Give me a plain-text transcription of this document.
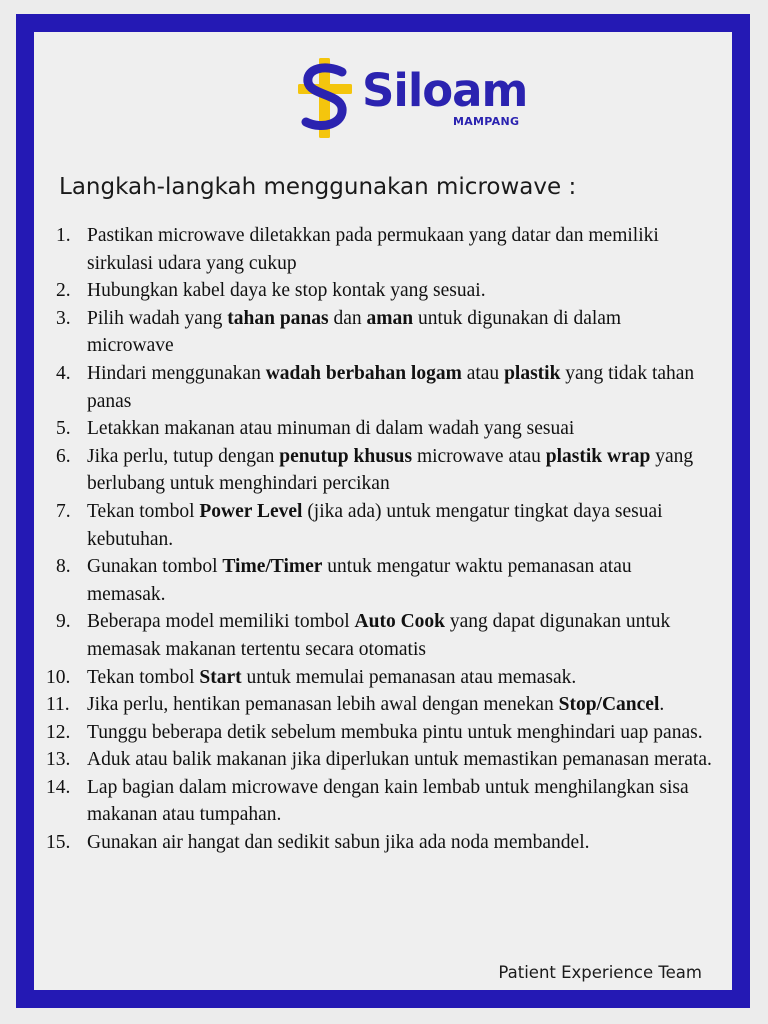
Siloam
MAMPANG
Langkah-langkah menggunakan microwave :
1. Pastikan microwave diletakkan pada permukaan yang datar dan memiliki sirkulasi udara yang cukup
2. Hubungkan kabel daya ke stop kontak yang sesuai.
3. Pilih wadah yang tahan panas dan aman untuk digunakan di dalam microwave
4. Hindari menggunakan wadah berbahan logam atau plastik yang tidak tahan panas
5. Letakkan makanan atau minuman di dalam wadah yang sesuai
6. Jika perlu, tutup dengan penutup khusus microwave atau plastik wrap yang berlubang untuk menghindari percikan
7. Tekan tombol Power Level (jika ada) untuk mengatur tingkat daya sesuai kebutuhan.
8. Gunakan tombol Time/Timer untuk mengatur waktu pemanasan atau memasak.
9. Beberapa model memiliki tombol Auto Cook yang dapat digunakan untuk memasak makanan tertentu secara otomatis
10. Tekan tombol Start untuk memulai pemanasan atau memasak.
11. Jika perlu, hentikan pemanasan lebih awal dengan menekan Stop/Cancel.
12. Tunggu beberapa detik sebelum membuka pintu untuk menghindari uap panas.
13. Aduk atau balik makanan jika diperlukan untuk memastikan pemanasan merata.
14. Lap bagian dalam microwave dengan kain lembab untuk menghilangkan sisa makanan atau tumpahan.
15. Gunakan air hangat dan sedikit sabun jika ada noda membandel.
Patient Experience Team
